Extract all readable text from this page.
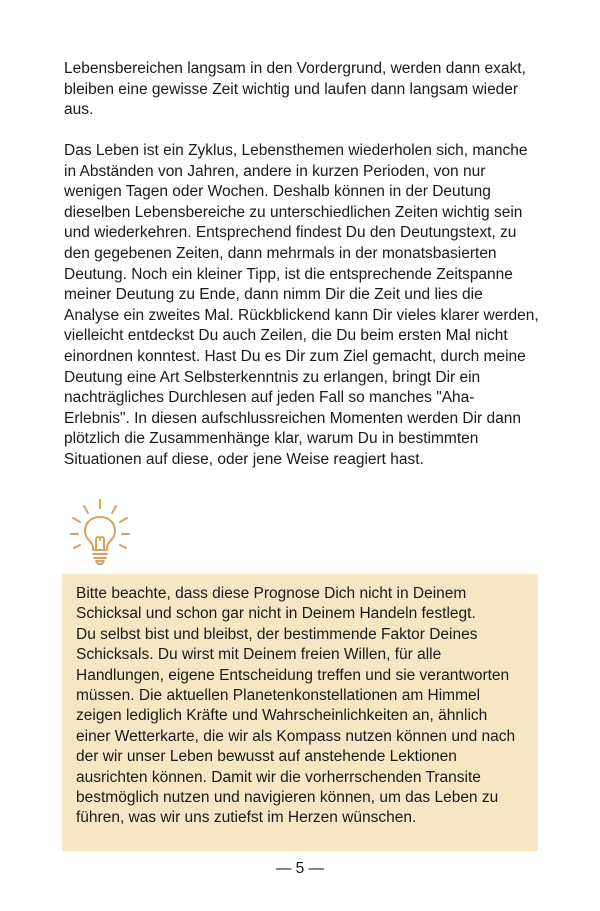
Lebensbereichen langsam in den Vordergrund, werden dann exakt,
bleiben eine gewisse Zeit wichtig und laufen dann langsam wieder
aus.

Das Leben ist ein Zyklus, Lebensthemen wiederholen sich, manche
in Abständen von Jahren, andere in kurzen Perioden, von nur
wenigen Tagen oder Wochen. Deshalb können in der Deutung
dieselben Lebensbereiche zu unterschiedlichen Zeiten wichtig sein
und wiederkehren. Entsprechend findest Du den Deutungstext, zu
den gegebenen Zeiten, dann mehrmals in der monatsbasierten
Deutung. Noch ein kleiner Tipp, ist die entsprechende Zeitspanne
meiner Deutung zu Ende, dann nimm Dir die Zeit und lies die
Analyse ein zweites Mal. Rückblickend kann Dir vieles klarer werden,
vielleicht entdeckst Du auch Zeilen, die Du beim ersten Mal nicht
einordnen konntest. Hast Du es Dir zum Ziel gemacht, durch meine
Deutung eine Art Selbsterkenntnis zu erlangen, bringt Dir ein
nachträgliches Durchlesen auf jeden Fall so manches "Aha-
Erlebnis". In diesen aufschlussreichen Momenten werden Dir dann
plötzlich die Zusammenhänge klar, warum Du in bestimmten
Situationen auf diese, oder jene Weise reagiert hast.

Bitte beachte, dass diese Prognose Dich nicht in Deinem
Schicksal und schon gar nicht in Deinem Handeln festlegt.
Du selbst bist und bleibst, der bestimmende Faktor Deines
Schicksals. Du wirst mit Deinem freien Willen, für alle
Handlungen, eigene Entscheidung treffen und sie verantworten
müssen. Die aktuellen Planetenkonstellationen am Himmel
zeigen lediglich Kräfte und Wahrscheinlichkeiten an, ähnlich
einer Wetterkarte, die wir als Kompass nutzen können und nach
der wir unser Leben bewusst auf anstehende Lektionen
ausrichten können. Damit wir die vorherrschenden Transite
bestmöglich nutzen und navigieren können, um das Leben zu
führen, was wir uns zutiefst im Herzen wünschen.

— 5 —
